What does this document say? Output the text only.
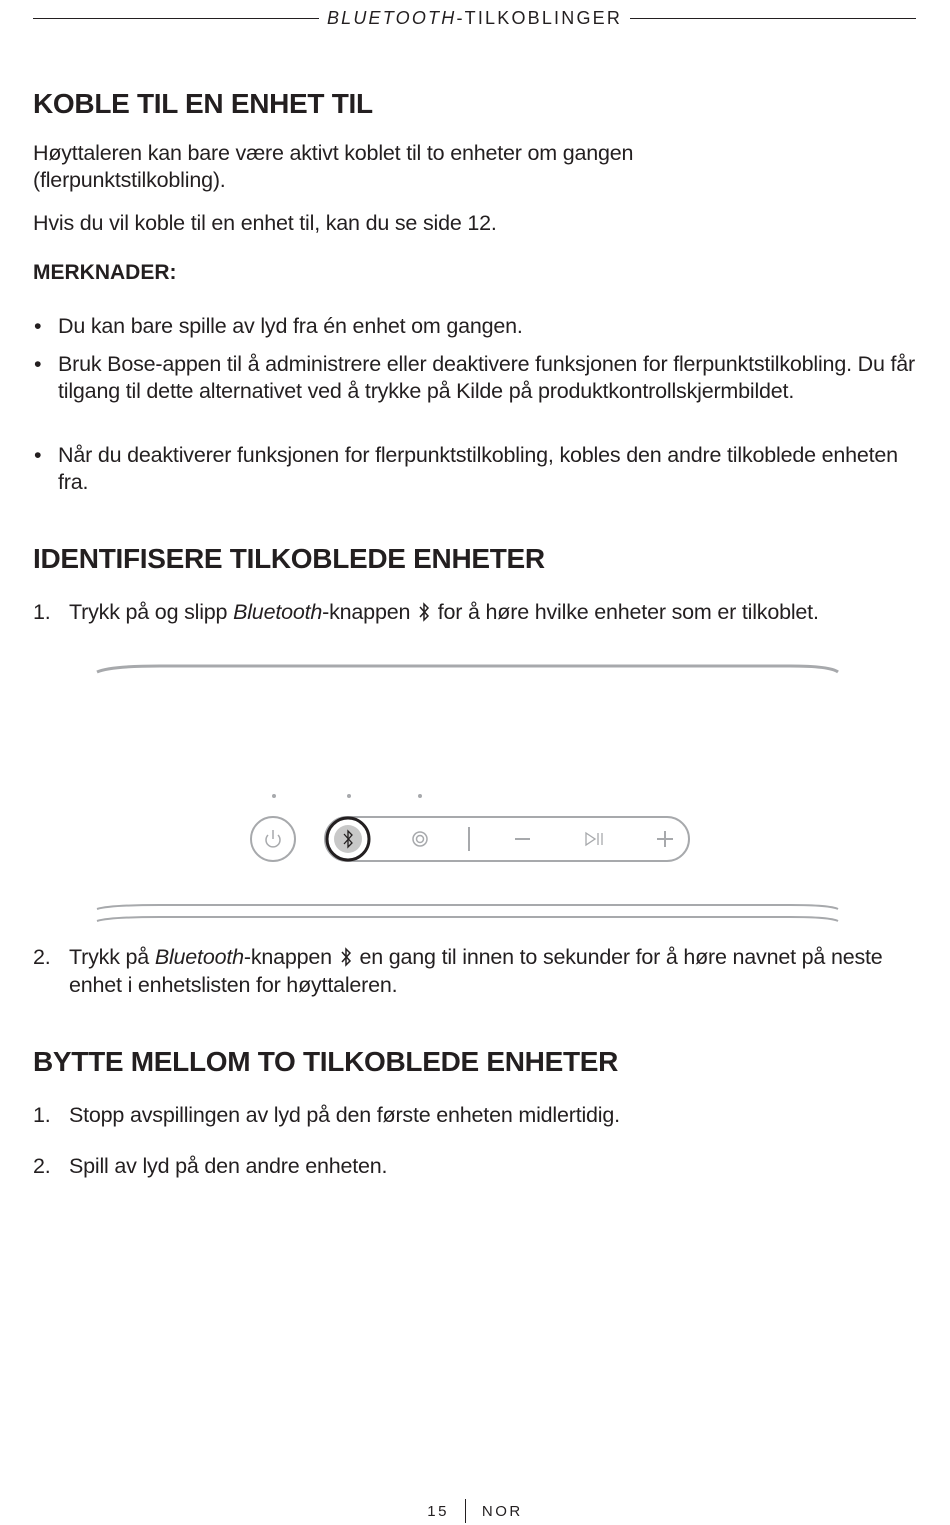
BLUETOOTH-TILKOBLINGER
KOBLE TIL EN ENHET TIL

Høyttaleren kan bare være aktivt koblet til to enheter om gangen (flerpunktstilkobling).

Hvis du vil koble til en enhet til, kan du se side 12.

MERKNADER:

• Du kan bare spille av lyd fra én enhet om gangen.
• Bruk Bose-appen til å administrere eller deaktivere funksjonen for flerpunktstilkobling. Du får tilgang til dette alternativet ved å trykke på Kilde på produktkontrollskjermbildet.
• Når du deaktiverer funksjonen for flerpunktstilkobling, kobles den andre tilkoblede enheten fra.
IDENTIFISERE TILKOBLEDE ENHETER
1. Trykk på og slipp Bluetooth-knappen  for å høre hvilke enheter som er tilkoblet.
2. Trykk på Bluetooth-knappen  en gang til innen to sekunder for å høre navnet på neste enhet i enhetslisten for høyttaleren.
BYTTE MELLOM TO TILKOBLEDE ENHETER
1. Stopp avspillingen av lyd på den første enheten midlertidig.
2. Spill av lyd på den andre enheten.
15 NOR
